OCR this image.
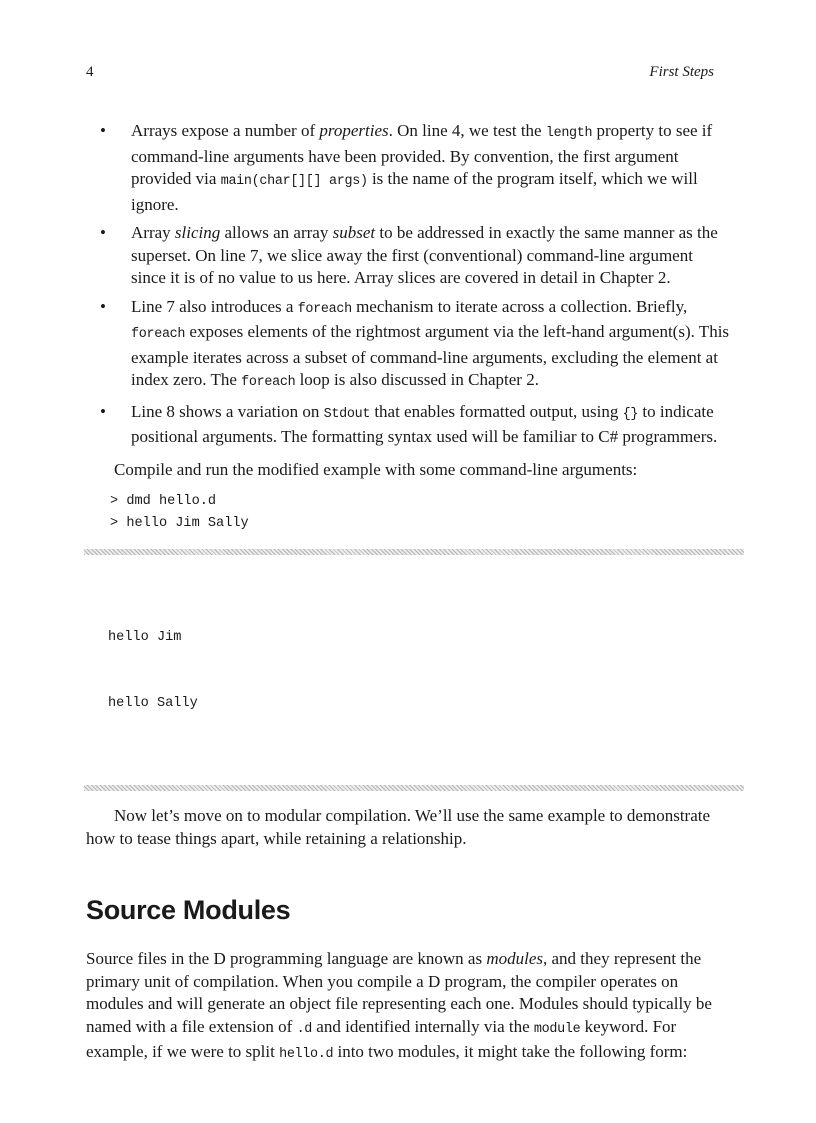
4	First Steps
• Arrays expose a number of properties. On line 4, we test the length property to see if command-line arguments have been provided. By convention, the first argument provided via main(char[][] args) is the name of the program itself, which we will ignore.
• Array slicing allows an array subset to be addressed in exactly the same manner as the superset. On line 7, we slice away the first (conventional) command-line argument since it is of no value to us here. Array slices are covered in detail in Chapter 2.
• Line 7 also introduces a foreach mechanism to iterate across a collection. Briefly, foreach exposes elements of the rightmost argument via the left-hand argument(s). This example iterates across a subset of command-line arguments, excluding the element at index zero. The foreach loop is also discussed in Chapter 2.
• Line 8 shows a variation on Stdout that enables formatted output, using {} to indicate positional arguments. The formatting syntax used will be familiar to C# programmers.

Compile and run the modified example with some command-line arguments:

> dmd hello.d
> hello Jim Sally

hello Jim

hello Sally

Now let’s move on to modular compilation. We’ll use the same example to demonstrate how to tease things apart, while retaining a relationship.

Source Modules

Source files in the D programming language are known as modules, and they represent the primary unit of compilation. When you compile a D program, the compiler operates on modules and will generate an object file representing each one. Modules should typically be named with a file extension of .d and identified internally via the module keyword. For example, if we were to split hello.d into two modules, it might take the following form:
